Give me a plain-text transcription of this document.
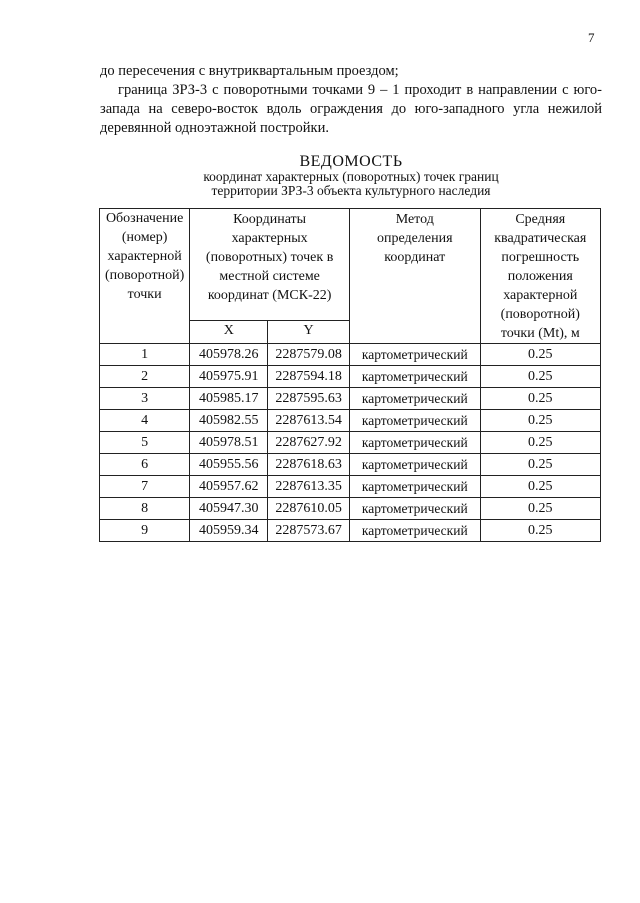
7
до пересечения с внутриквартальным проездом;
граница ЗРЗ-3 с поворотными точками 9 – 1 проходит в направлении с юго-запада на северо-восток вдоль ограждения до юго-западного угла нежилой деревянной одноэтажной постройки.
ВЕДОМОСТЬ
координат характерных (поворотных) точек границ
территории ЗРЗ-3 объекта культурного наследия
Обозначение (номер) характерной (поворотной) точки	Координаты характерных (поворотных) точек в местной системе координат (МСК-22)		Метод определения координат	Средняя квадратическая погрешность положения характерной (поворотной) точки (Mt), м
	X	Y		
1	405978.26	2287579.08	картометрический	0.25
2	405975.91	2287594.18	картометрический	0.25
3	405985.17	2287595.63	картометрический	0.25
4	405982.55	2287613.54	картометрический	0.25
5	405978.51	2287627.92	картометрический	0.25
6	405955.56	2287618.63	картометрический	0.25
7	405957.62	2287613.35	картометрический	0.25
8	405947.30	2287610.05	картометрический	0.25
9	405959.34	2287573.67	картометрический	0.25
